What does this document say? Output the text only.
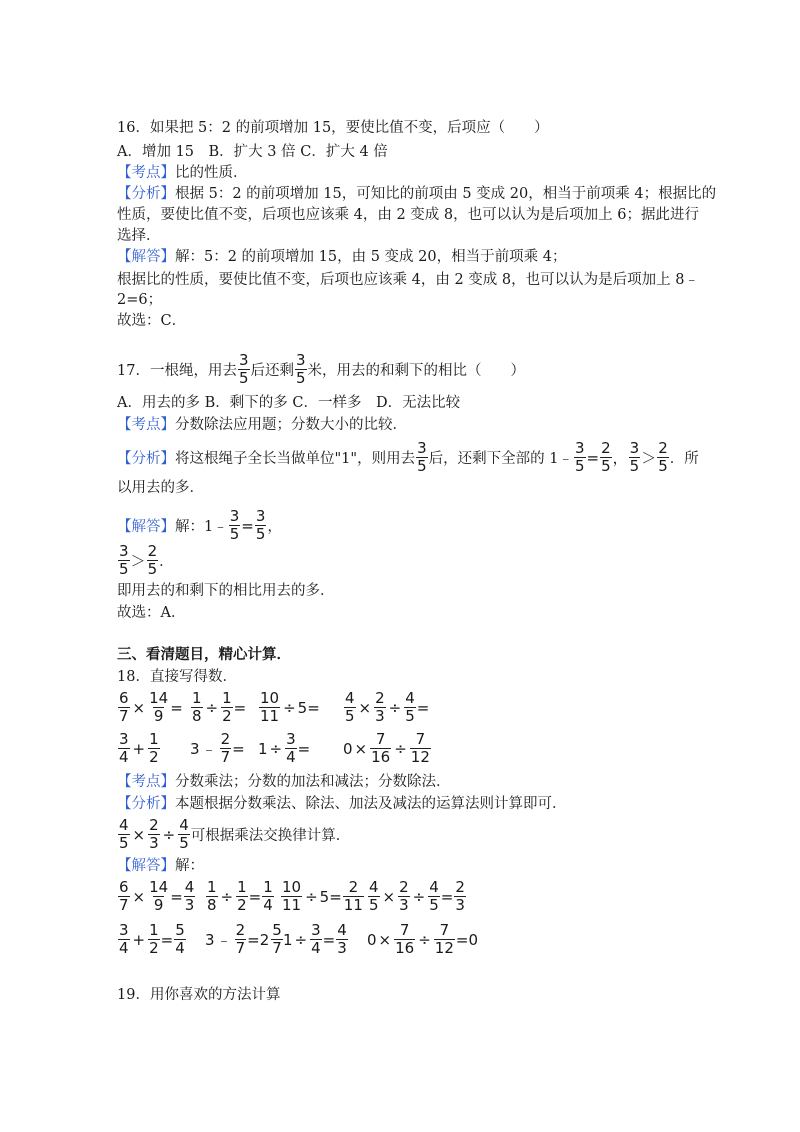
16．如果把 5：2 的前项增加 15，要使比值不变，后项应（　　）
A．增加 15　B．扩大 3 倍 C．扩大 4 倍
【考点】比的性质．
【分析】根据 5：2 的前项增加 15，可知比的前项由 5 变成 20，相当于前项乘 4；根据比的
性质，要使比值不变，后项也应该乘 4，由 2 变成 8，也可以认为是后项加上 6；据此进行
选择．
【解答】解：5：2 的前项增加 15，由 5 变成 20，相当于前项乘 4；
根据比的性质，要使比值不变，后项也应该乘 4，由 2 变成 8，也可以认为是后项加上 8﹣
2=6；
故选：C．
17．一根绳，用去 $\frac{3}{5}$ 后还剩 $\frac{3}{5}$ 米，用去的和剩下的相比（　　）
A．用去的多 B．剩下的多 C．一样多　D．无法比较
【考点】分数除法应用题；分数大小的比较．
【分析】 将这根绳子全长当做单位"1"，则用去 $\frac{3}{5}$ 后，还剩下全部的 1﹣ $\frac{3}{5} = \frac{2}{5}$ ， $\frac{3}{5} > \frac{2}{5}$ ．所
以用去的多．
【解答】 解：1﹣ $\frac{3}{5} = \frac{3}{5}$ ，
$\frac{3}{5} > \frac{2}{5}$ ．
即用去的和剩下的相比用去的多．
故选：A．
三、看清题目，精心计算．
18．直接写得数．
$\frac{6}{7} \times \frac{14}{9} = \frac{1}{8} \div \frac{1}{2} = \frac{10}{11} \div 5 = \frac{4}{5} \times \frac{2}{3} \div \frac{4}{5}$ =
$\frac{3}{4} + \frac{1}{2} 3$ ﹣ $\frac{2}{7} = 1 \div \frac{3}{4} = 0 \times \frac{7}{16} \div \frac{7}{12}$
【考点】分数乘法；分数的加法和减法；分数除法．
【分析】本题根据分数乘法、除法、加法及减法的运算法则计算即可．
$\frac{4}{5} \times \frac{2}{3} \div \frac{4}{5}$ 可根据乘法交换律计算．
【解答】解：
$\frac{6}{7} \times \frac{14}{9} = \frac{4}{3} \frac{1}{8} \div \frac{1}{2} = \frac{1}{4} \frac{10}{11} \div 5 = \frac{2}{11} \frac{4}{5} \times \frac{2}{3} \div \frac{4}{5} = \frac{2}{3}$
$\frac{3}{4} + \frac{1}{2} = \frac{5}{4} 3$ ﹣ $\frac{2}{7} = 2 \frac{5}{7} 1 \div \frac{3}{4} = \frac{4}{3} 0 \times \frac{7}{16} \div \frac{7}{12} = 0$
19．用你喜欢的方法计算
